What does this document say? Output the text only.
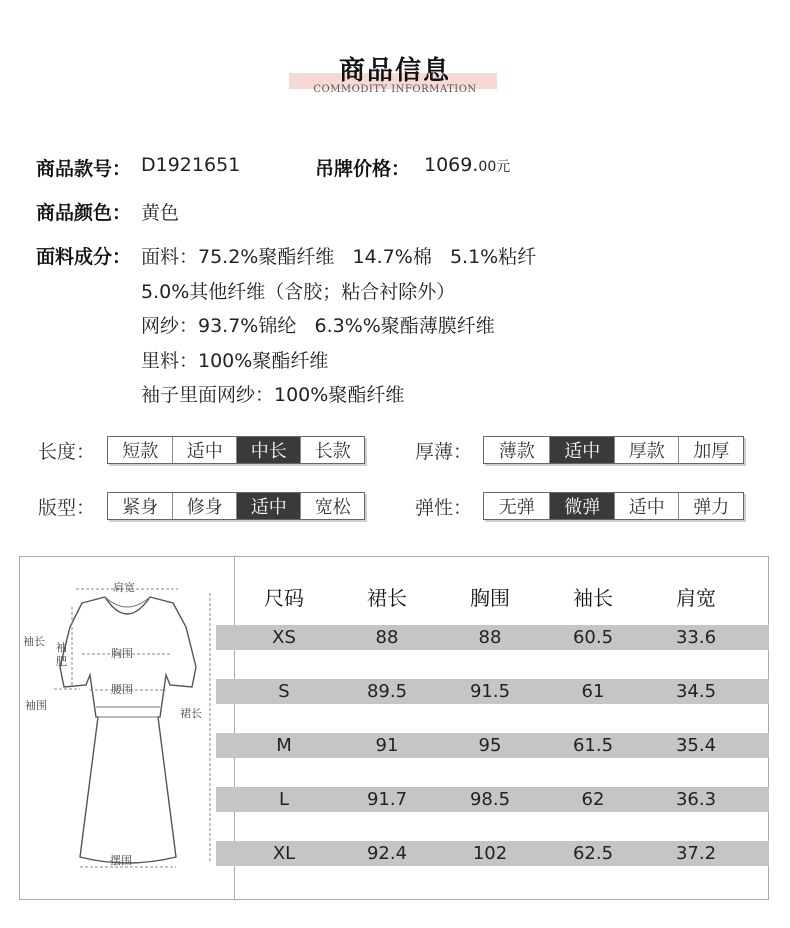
商品信息
COMMODITY INFORMATION
商品款号： D1921651	吊牌价格： 1069.00元
商品颜色： 黄色
面料成分： 面料：75.2%聚酯纤维   14.7%棉   5.1%粘纤
5.0%其他纤维（含胶；粘合衬除外）
网纱：93.7%锦纶   6.3%%聚酯薄膜纤维
里料：100%聚酯纤维
袖子里面网纱：100%聚酯纤维
长度：	短款	适中	中长	长款	厚薄：	薄款	适中	厚款	加厚
版型：	紧身	修身	适中	宽松	弹性：	无弹	微弹	适中	弹力
肩宽
袖长 袖
肥
胸围
腰围
袖围
裙长
摆围
尺码	裙长	胸围	袖长	肩宽
XS	88	88	60.5	33.6
S	89.5	91.5	61	34.5
M	91	95	61.5	35.4
L	91.7	98.5	62	36.3
XL	92.4	102	62.5	37.2
